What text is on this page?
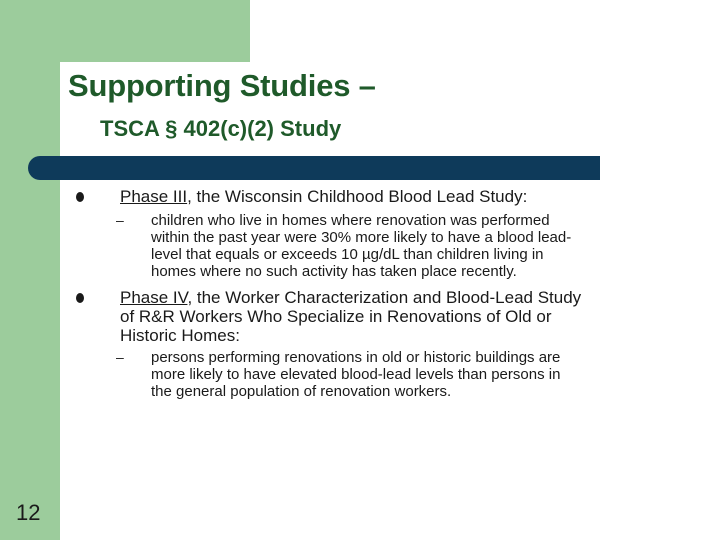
Supporting Studies –
TSCA § 402(c)(2) Study
Phase III, the Wisconsin Childhood Blood Lead Study:
– children who live in homes where renovation was performed
within the past year were 30% more likely to have a blood lead-
level that equals or exceeds 10 µg/dL than children living in
homes where no such activity has taken place recently.
Phase IV, the Worker Characterization and Blood-Lead Study
of R&R Workers Who Specialize in Renovations of Old or
Historic Homes:
– persons performing renovations in old or historic buildings are
more likely to have elevated blood-lead levels than persons in
the general population of renovation workers.
12
